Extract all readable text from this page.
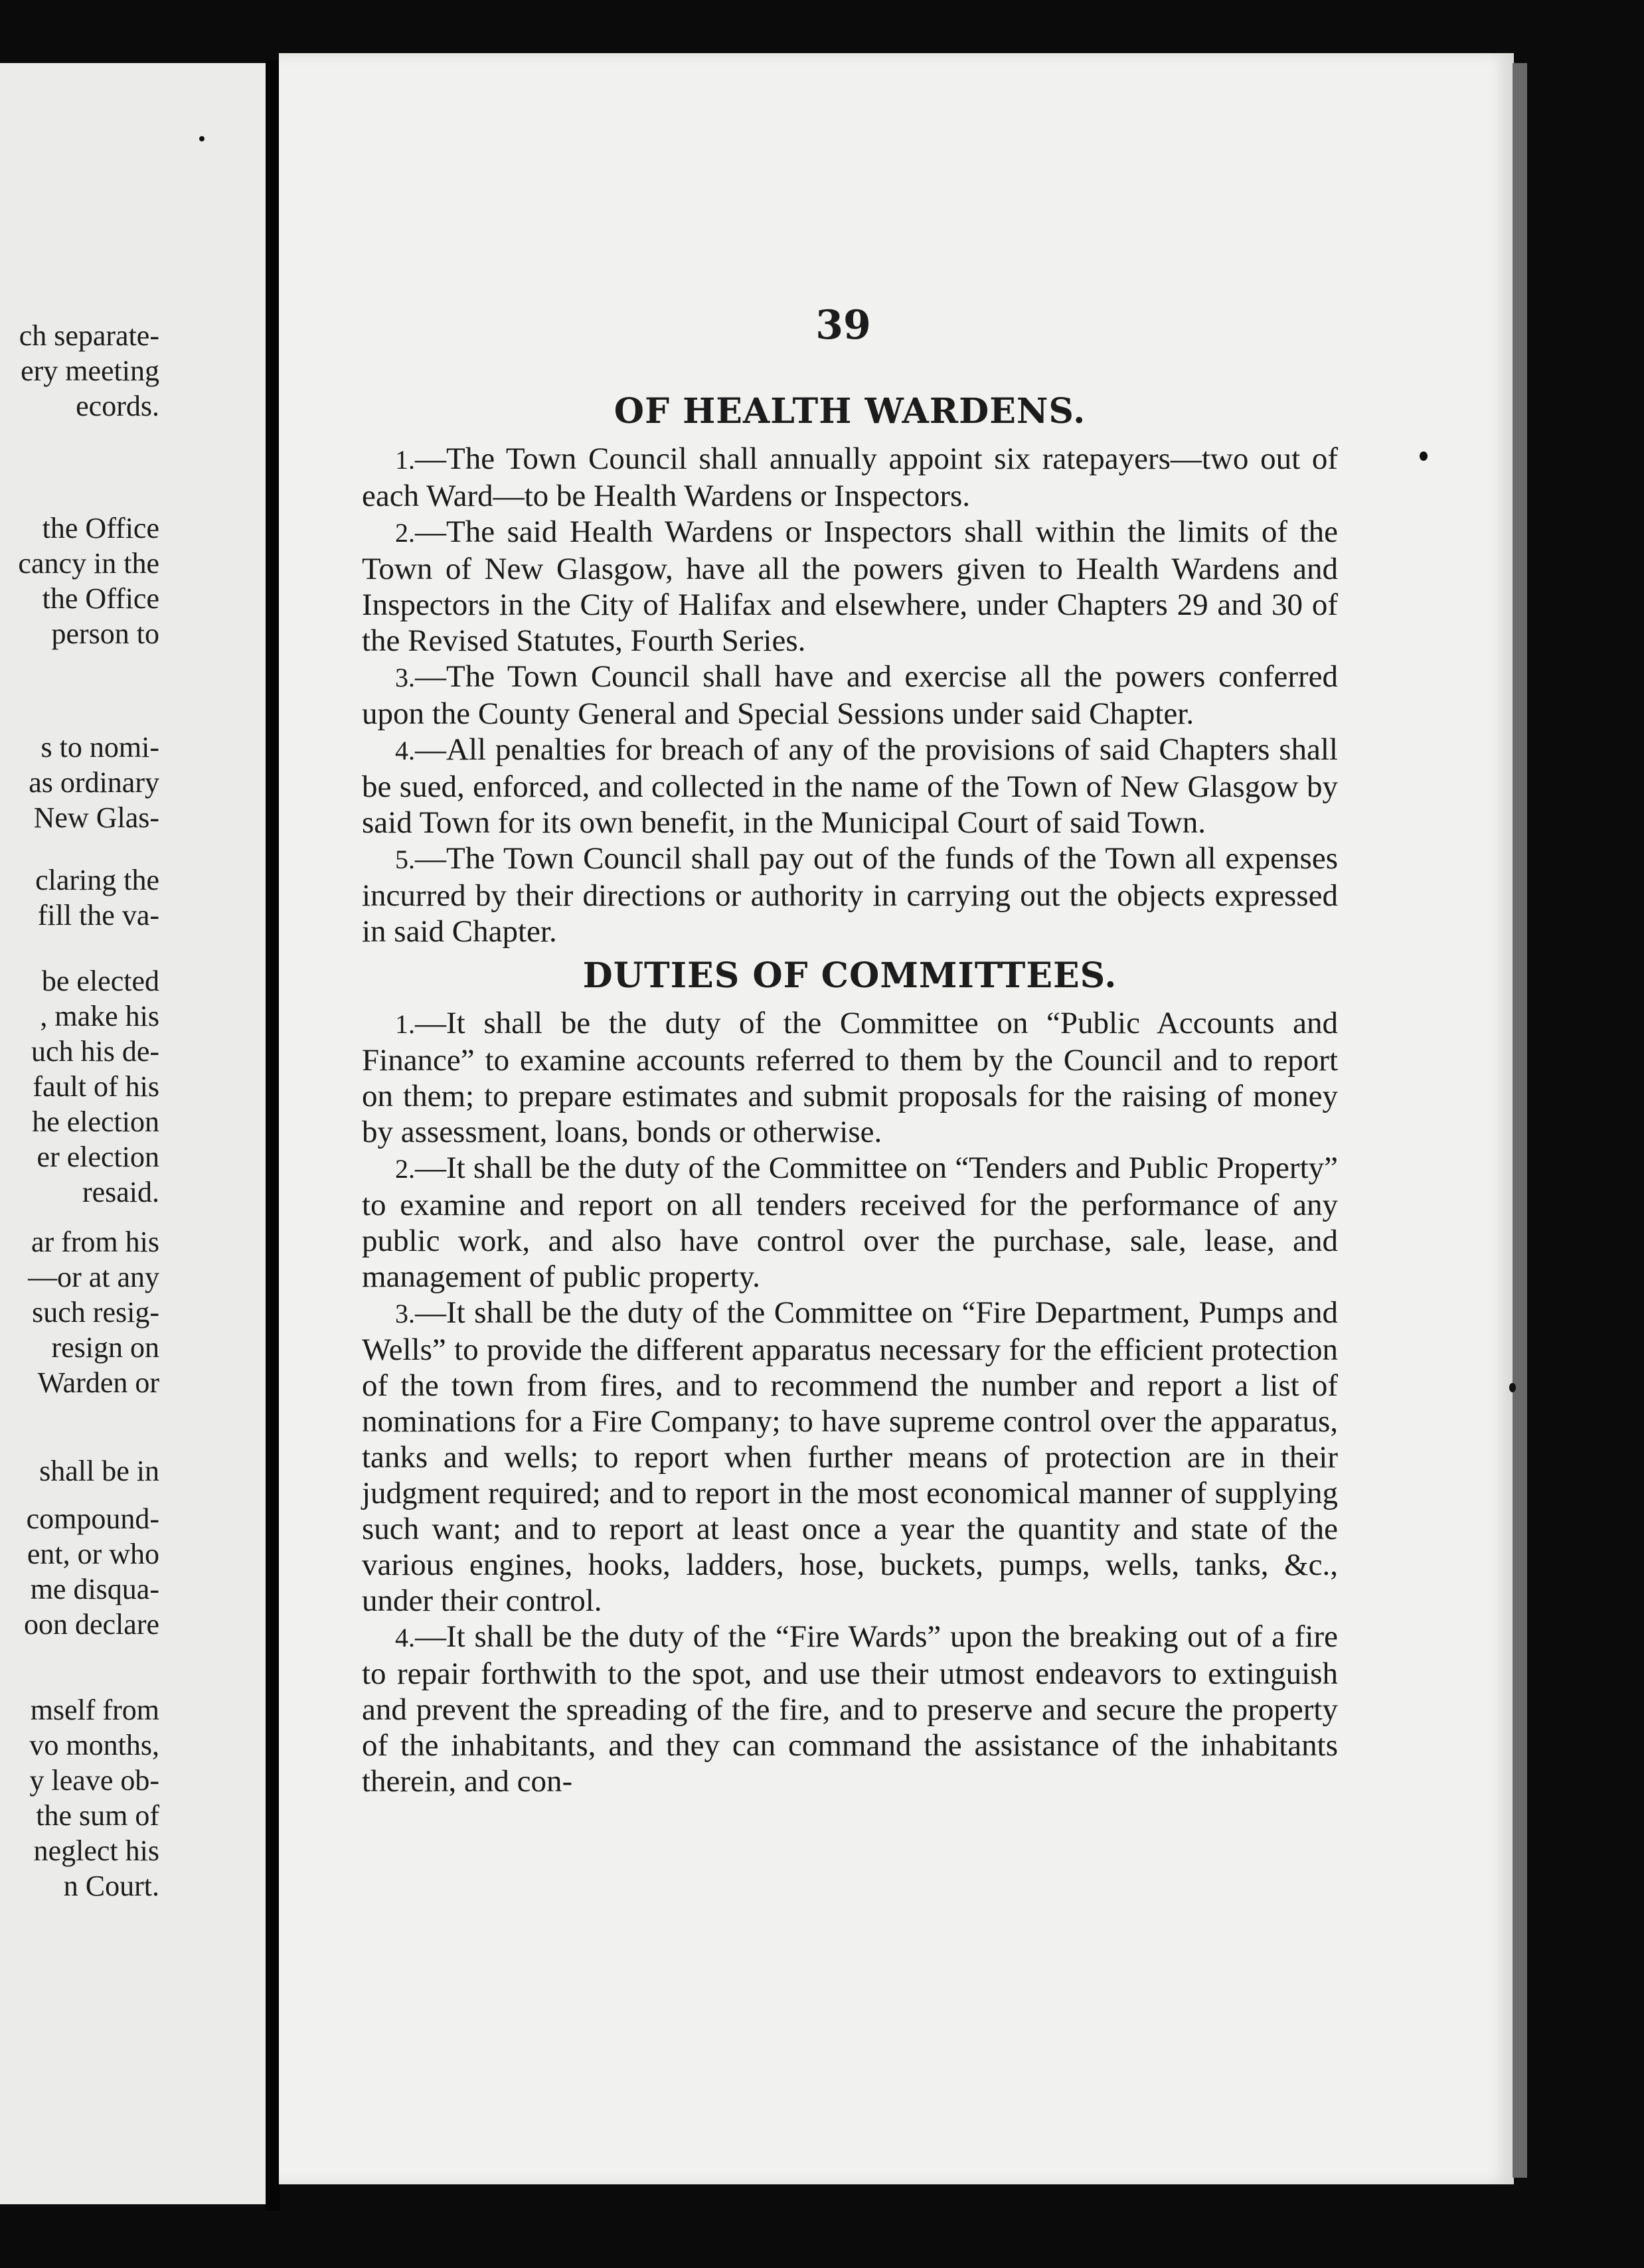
ch separate-
ery meeting
ecords.
the Office
cancy in the
the Office
person to
s to nomi-
as ordinary
New Glas-
claring the
fill the va-
be elected
, make his
uch his de-
fault of his
he election
er election
resaid.
ar from his
—or at any
such resig-
resign on
Warden or
shall be in
compound-
ent, or who
me disqua-
oon declare
mself from
vo months,
y leave ob-
the sum of
neglect his
n Court.
39
OF HEALTH WARDENS.

1.—The Town Council shall annually appoint six ratepayers—two out of each Ward—to be Health Wardens or Inspectors.

2.—The said Health Wardens or Inspectors shall within the limits of the Town of New Glasgow, have all the powers given to Health Wardens and Inspectors in the City of Halifax and elsewhere, under Chapters 29 and 30 of the Revised Statutes, Fourth Series.

3.—The Town Council shall have and exercise all the powers conferred upon the County General and Special Sessions under said Chapter.

4.—All penalties for breach of any of the provisions of said Chapters shall be sued, enforced, and collected in the name of the Town of New Glasgow by said Town for its own benefit, in the Municipal Court of said Town.

5.—The Town Council shall pay out of the funds of the Town all expenses incurred by their directions or authority in carrying out the objects expressed in said Chapter.

DUTIES OF COMMITTEES.

1.—It shall be the duty of the Committee on “Public Accounts and Finance” to examine accounts referred to them by the Council and to report on them; to prepare estimates and submit proposals for the raising of money by assessment, loans, bonds or otherwise.

2.—It shall be the duty of the Committee on “Tenders and Public Property” to examine and report on all tenders received for the performance of any public work, and also have control over the purchase, sale, lease, and management of public property.

3.—It shall be the duty of the Committee on “Fire Department, Pumps and Wells” to provide the different apparatus necessary for the efficient protection of the town from fires, and to recommend the number and report a list of nominations for a Fire Company; to have supreme control over the apparatus, tanks and wells; to report when further means of protection are in their judgment required; and to report in the most economical manner of supplying such want; and to report at least once a year the quantity and state of the various engines, hooks, ladders, hose, buckets, pumps, wells, tanks, &c., under their control.

4.—It shall be the duty of the “Fire Wards” upon the breaking out of a fire to repair forthwith to the spot, and use their utmost endeavors to extinguish and prevent the spreading of the fire, and to preserve and secure the property of the inhabitants, and they can command the assistance of the inhabitants therein, and con-
